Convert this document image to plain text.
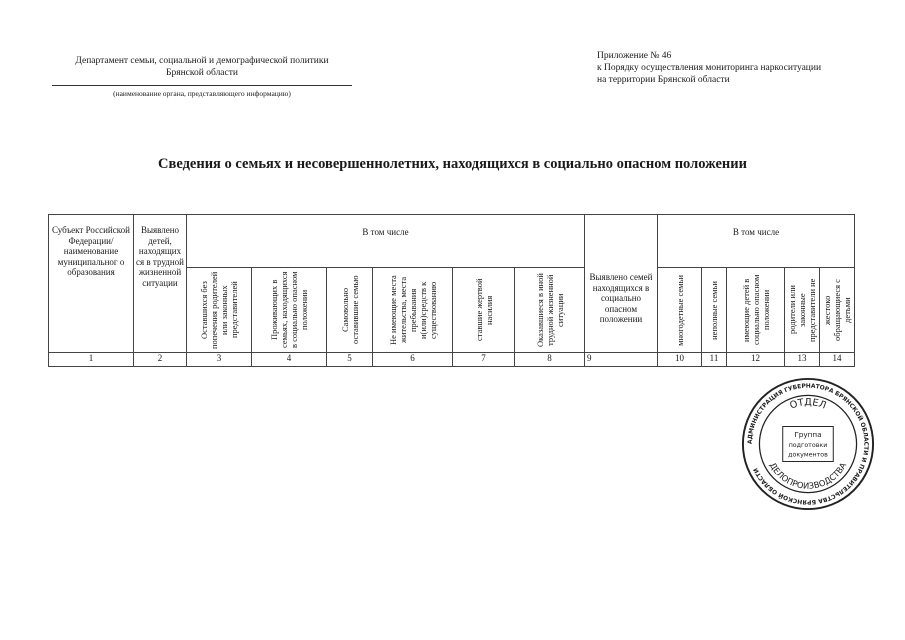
Департамент семьи, социальной и демографической политики
Брянской области
(наименование органа, представляющего информацию)
Приложение № 46
к Порядку осуществления мониторинга наркоситуации
на территории Брянской области
Сведения о семьях и несовершеннолетних, находящихся в социально опасном положении
Субъект Российской Федерации/ наименование муниципальног о образования	Выявлено детей, находящих ся в трудной жизненной ситуации	В том числе						Выявлено семей находящихся в социально опасном положении	В том числе				

		Оставшихся без попечения родителей или законных представителей	Проживающих в семьях, находящихся в социально опасном положении	Самовольно оставившие семью	Не имеющие места жительства, места пребывания и(или)средств к существованию	ставшие жертвой насилия	Оказавшиеся в иной трудной жизненной ситуации		многодетные семьи	неполные семьи	имеющие детей в социально опасном положении	родители или законные представители не	жестоко обращающиеся с детьми

1	2	3	4	5	6	7	8	9	10	11	12	13	14
АДМИНИСТРАЦИЯ ГУБЕРНАТОРА БРЯНСКОЙ ОБЛАСТИ И ПРАВИТЕЛЬСТВА БРЯНСКОЙ ОБЛАСТИ
ОТДЕЛ
ДЕЛОПРОИЗВОДСТВА
Группа
подготовки
документов
